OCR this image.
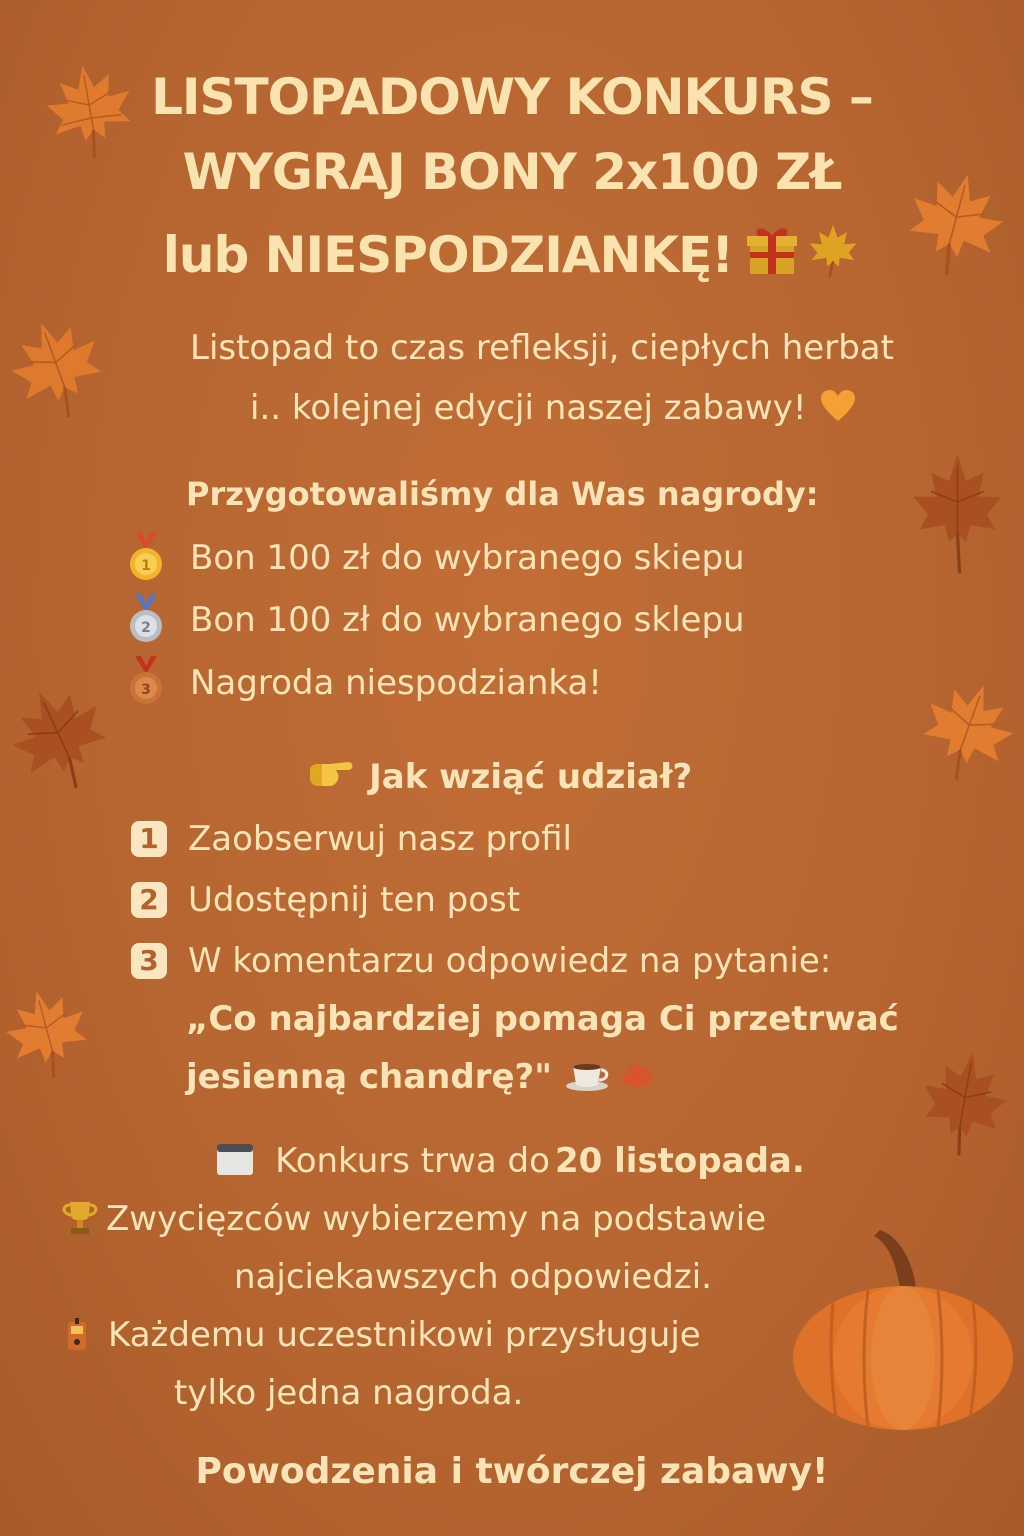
LISTOPADOWY KONKURS –
WYGRAJ BONY 2x100 ZŁ
lub NIESPODZIANKĘ!
Listopad to czas refleksji, ciepłych herbat
i.. kolejnej edycji naszej zabawy!
Przygotowaliśmy dla Was nagrody:
1 Bon 100 zł do wybranego skiepu
2 Bon 100 zł do wybranego sklepu
3 Nagroda niespodzianka!
Jak wziąć udział?
1 Zaobserwuj nasz profil
2 Udostępnij ten post
3 W komentarzu odpowiedz na pytanie:
„Co najbardziej pomaga Ci przetrwać
jesienną chandrę?"
Konkurs trwa do 20 listopada.
Zwycięzców wybierzemy na podstawie
najciekawszych odpowiedzi.
Każdemu uczestnikowi przysługuje
tylko jedna nagroda.
Powodzenia i twórczej zabawy!
